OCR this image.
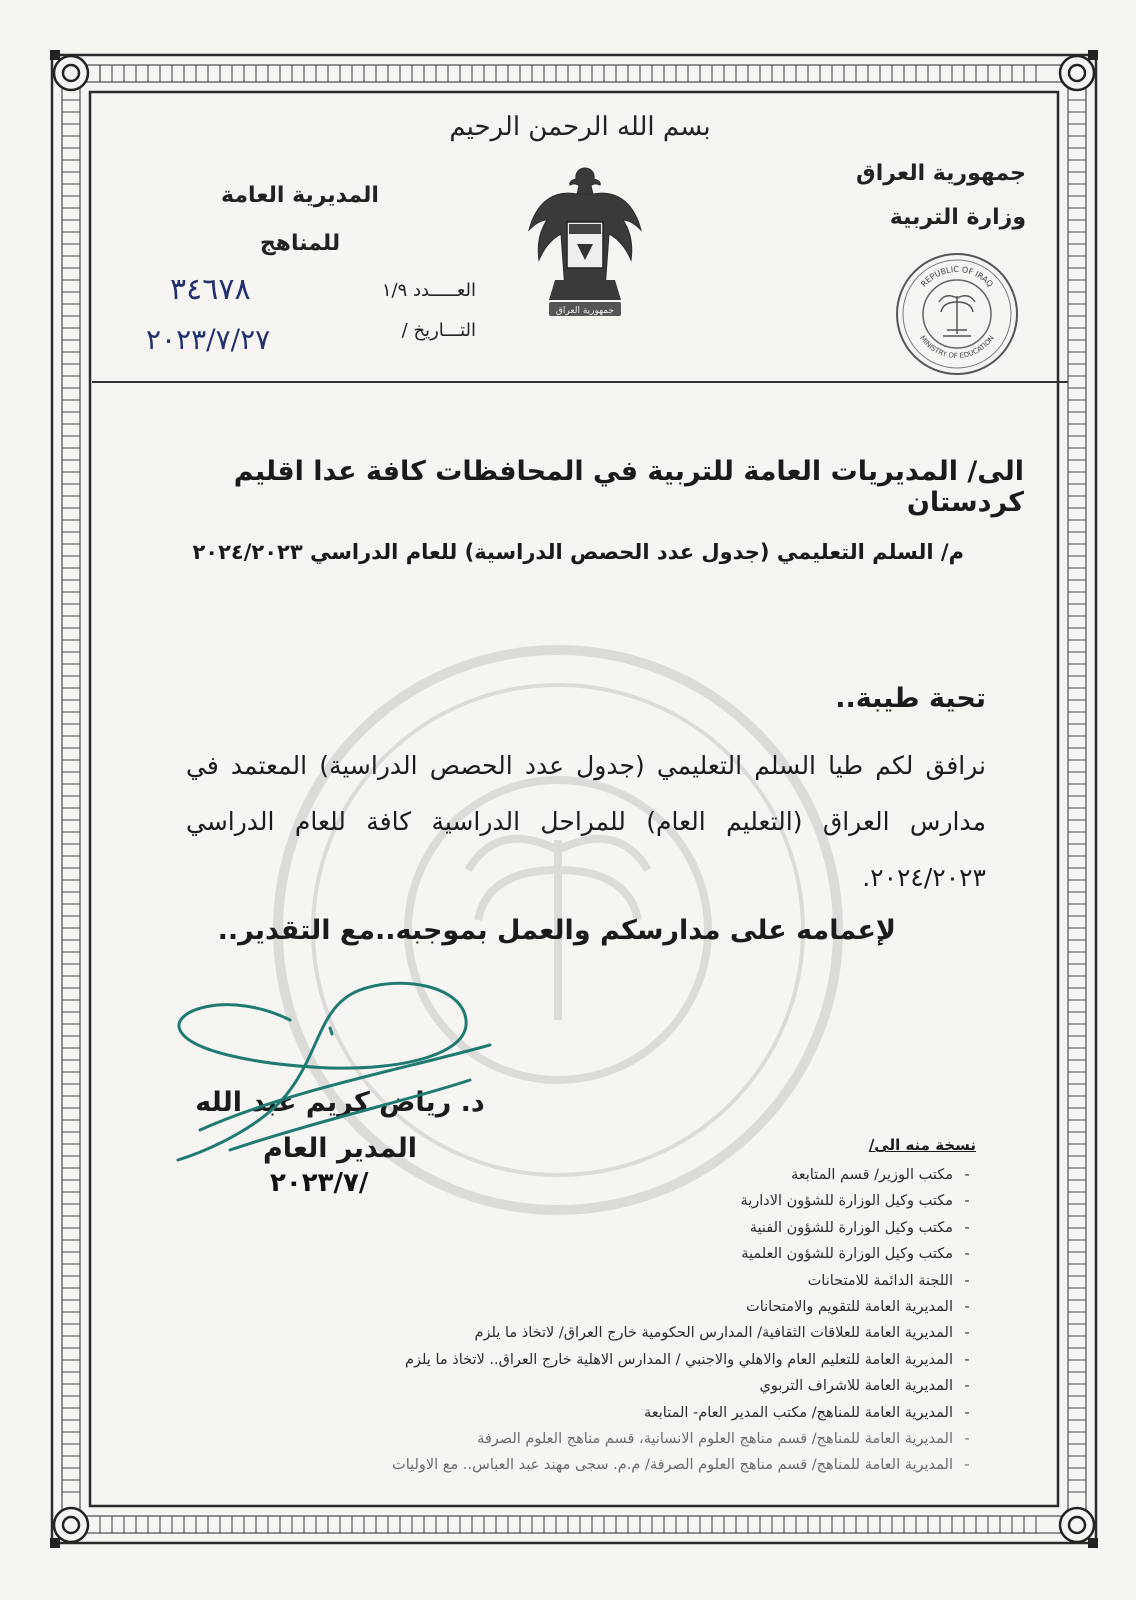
بسم الله الرحمن الرحيم
جمهورية العراق
وزارة التربية
المديرية العامة
للمناهج
العـــــدد ١/٩
٣٤٦٧٨
التـــاريخ /
٢٠٢٣/٧/٢٧
جمهورية العراق
REPUBLIC OF IRAQ
MINISTRY OF EDUCATION
الى/ المديريات العامة للتربية في المحافظات كافة عدا اقليم كردستان
م/ السلم التعليمي (جدول عدد الحصص الدراسية) للعام الدراسي ٢٠٢٤/٢٠٢٣
تحية طيبة..
نرافق لكم طيا السلم التعليمي (جدول عدد الحصص الدراسية) المعتمد في مدارس العراق (التعليم العام) للمراحل الدراسية كافة للعام الدراسي ٢٠٢٤/٢٠٢٣.
لإعمامه على مدارسكم والعمل بموجبه..مع التقدير..
د. رياض كريم عبد الله
المدير العام
٢٠٢٣/٧/
نسخة منه الى/
-مكتب الوزير/ قسم المتابعة
-مكتب وكيل الوزارة للشؤون الادارية
-مكتب وكيل الوزارة للشؤون الفنية
-مكتب وكيل الوزارة للشؤون العلمية
-اللجنة الدائمة للامتحانات
-المديرية العامة للتقويم والامتحانات
-المديرية العامة للعلاقات الثقافية/ المدارس الحكومية خارج العراق/ لاتخاذ ما يلزم
-المديرية العامة للتعليم العام والاهلي والاجنبي / المدارس الاهلية خارج العراق.. لاتخاذ ما يلزم
-المديرية العامة للاشراف التربوي
-المديرية العامة للمناهج/ مكتب المدير العام- المتابعة
-المديرية العامة للمناهج/ قسم مناهج العلوم الانسانية، قسم مناهج العلوم الصرفة
-المديرية العامة للمناهج/ قسم مناهج العلوم الصرفة/ م.م. سجى مهند عبد العباس.. مع الاوليات
